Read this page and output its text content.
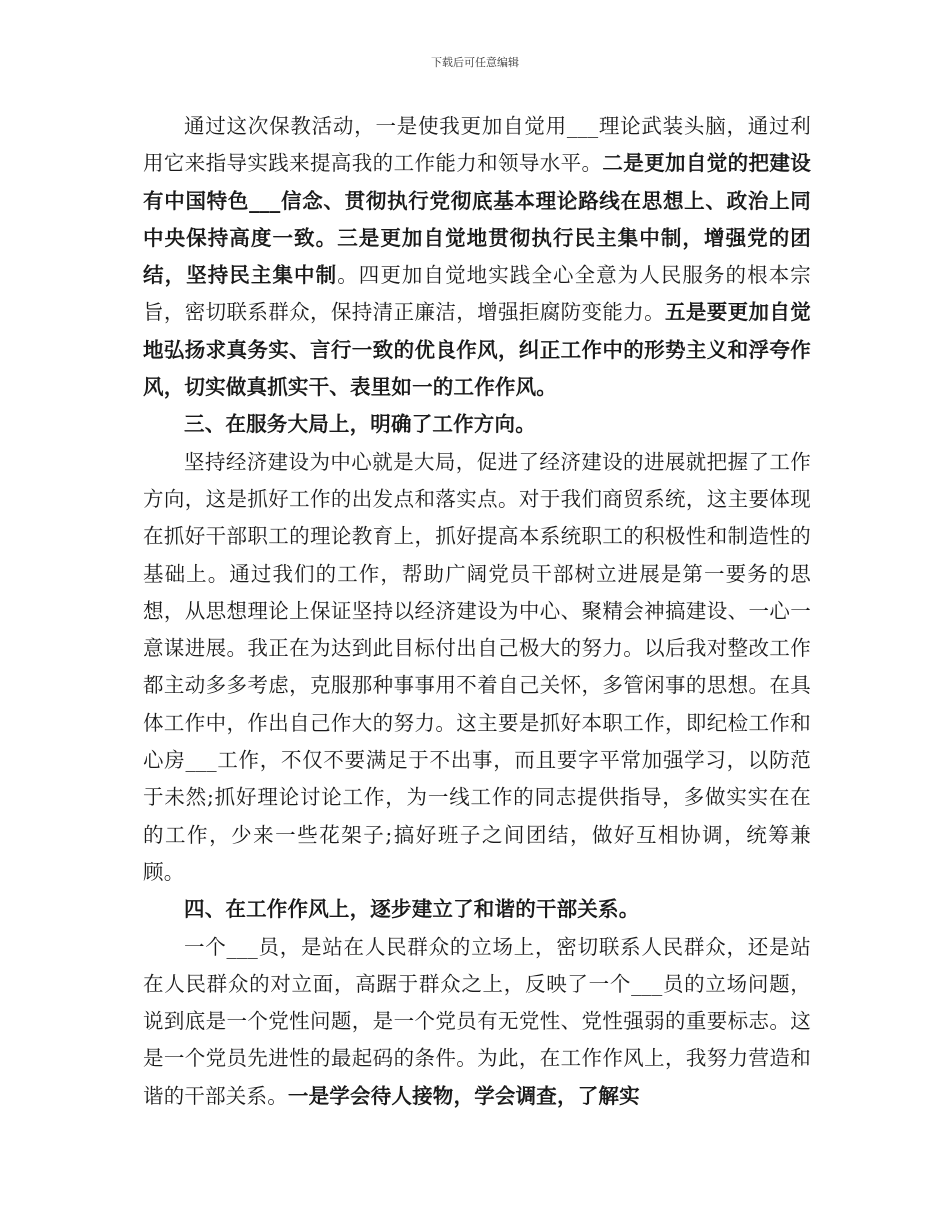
下载后可任意编辑

通过这次保教活动，一是使我更加自觉用___理论武装头脑，通过利用它来指导实践来提高我的工作能力和领导水平。二是更加自觉的把建设有中国特色___信念、贯彻执行党彻底基本理论路线在思想上、政治上同中央保持高度一致。三是更加自觉地贯彻执行民主集中制，增强党的团结，坚持民主集中制。四更加自觉地实践全心全意为人民服务的根本宗旨，密切联系群众，保持清正廉洁，增强拒腐防变能力。五是要更加自觉地弘扬求真务实、言行一致的优良作风，纠正工作中的形势主义和浮夸作风，切实做真抓实干、表里如一的工作作风。

三、在服务大局上，明确了工作方向。

坚持经济建设为中心就是大局，促进了经济建设的进展就把握了工作方向，这是抓好工作的出发点和落实点。对于我们商贸系统，这主要体现在抓好干部职工的理论教育上，抓好提高本系统职工的积极性和制造性的基础上。通过我们的工作，帮助广阔党员干部树立进展是第一要务的思想，从思想理论上保证坚持以经济建设为中心、聚精会神搞建设、一心一意谋进展。我正在为达到此目标付出自己极大的努力。以后我对整改工作都主动多多考虑，克服那种事事用不着自己关怀，多管闲事的思想。在具体工作中，作出自己作大的努力。这主要是抓好本职工作，即纪检工作和心房___工作，不仅不要满足于不出事，而且要字平常加强学习，以防范于未然;抓好理论讨论工作，为一线工作的同志提供指导，多做实实在在的工作，少来一些花架子;搞好班子之间团结，做好互相协调，统筹兼顾。

四、在工作作风上，逐步建立了和谐的干部关系。

一个___员，是站在人民群众的立场上，密切联系人民群众，还是站在人民群众的对立面，高踞于群众之上，反映了一个___员的立场问题，说到底是一个党性问题，是一个党员有无党性、党性强弱的重要标志。这是一个党员先进性的最起码的条件。为此，在工作作风上，我努力营造和谐的干部关系。一是学会待人接物，学会调查，了解实
